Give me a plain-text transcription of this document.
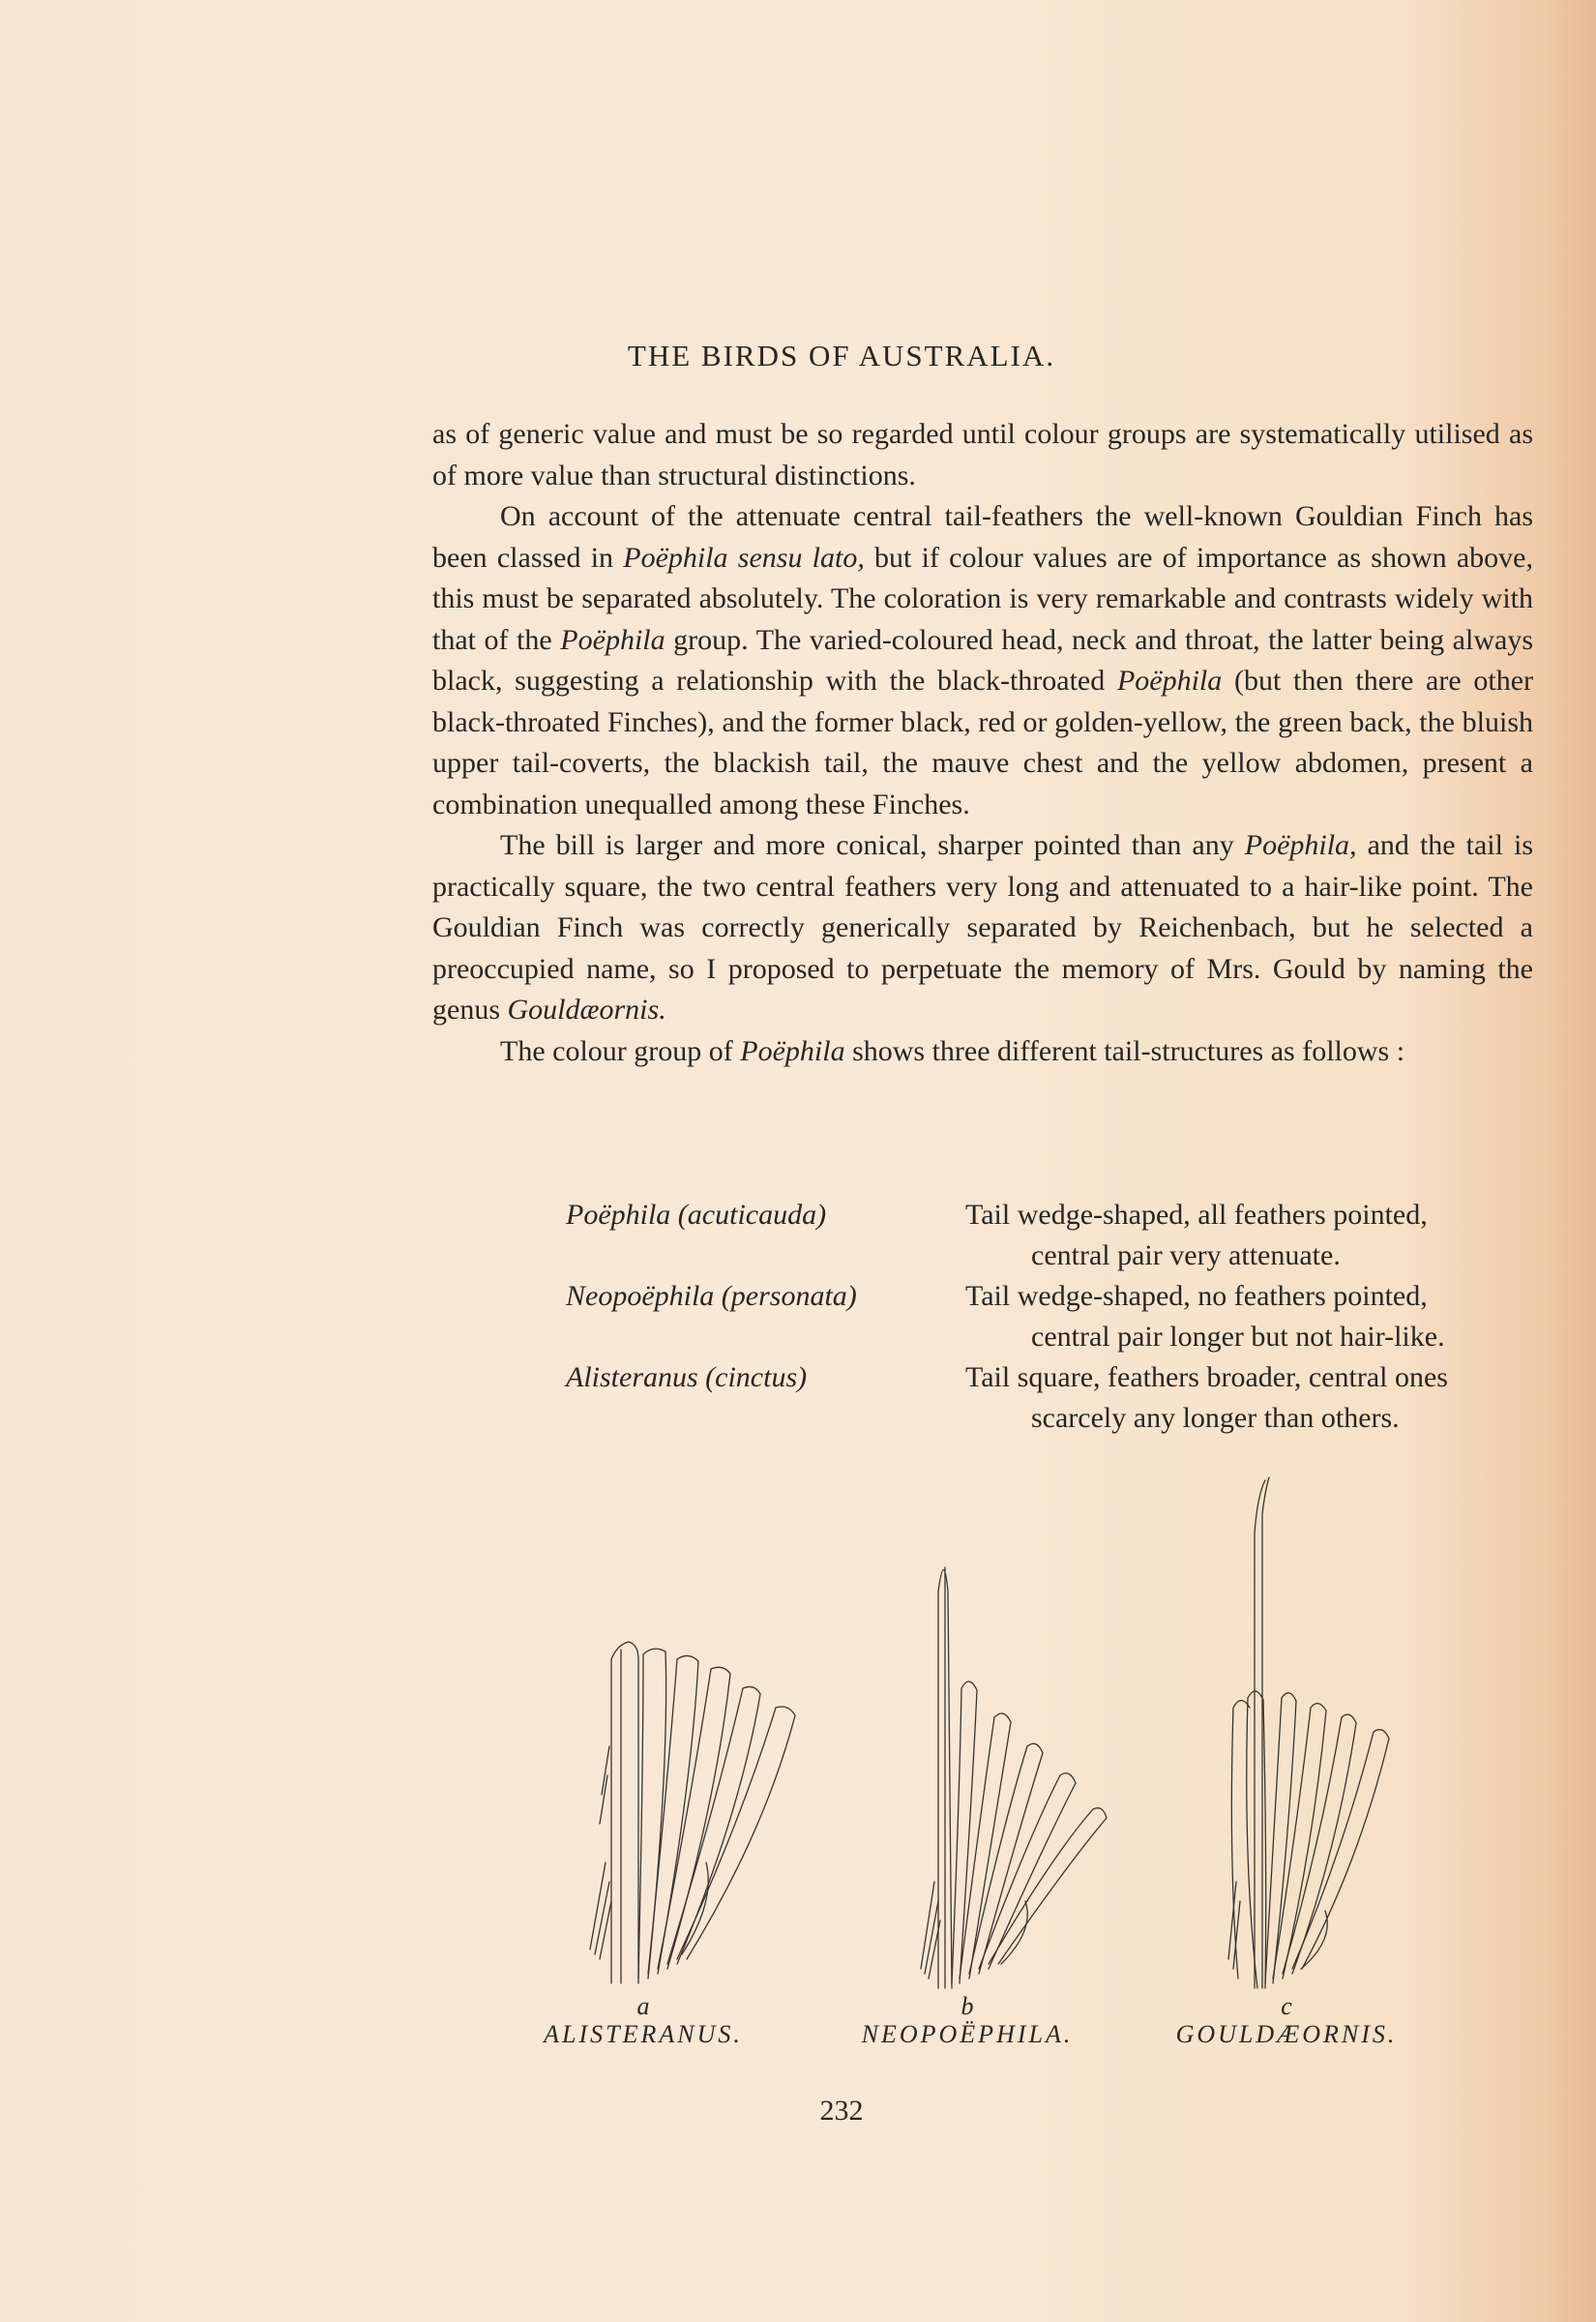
THE BIRDS OF AUSTRALIA.

as of generic value and must be so regarded until colour groups are systematically utilised as of more value than structural distinctions.

On account of the attenuate central tail-feathers the well-known Gouldian Finch has been classed in Poëphila sensu lato, but if colour values are of importance as shown above, this must be separated absolutely. The coloration is very remarkable and contrasts widely with that of the Poëphila group. The varied-coloured head, neck and throat, the latter being always black, suggesting a relationship with the black-throated Poëphila (but then there are other black-throated Finches), and the former black, red or golden-yellow, the green back, the bluish upper tail-coverts, the blackish tail, the mauve chest and the yellow abdomen, present a combination unequalled among these Finches.

The bill is larger and more conical, sharper pointed than any Poëphila, and the tail is practically square, the two central feathers very long and attenuated to a hair-like point. The Gouldian Finch was correctly generically separated by Reichenbach, but he selected a preoccupied name, so I proposed to perpetuate the memory of Mrs. Gould by naming the genus Gouldæornis.

The colour group of Poëphila shows three different tail-structures as follows :

Poëphila (acuticauda)	Tail wedge-shaped, all feathers pointed,
central pair very attenuate.
Neopoëphila (personata)	Tail wedge-shaped, no feathers pointed,
central pair longer but not hair-like.
Alisteranus (cinctus)	Tail square, feathers broader, central ones
scarcely any longer than others.
a
ALISTERANUS.
b
NEOPOËPHILA.
c
GOULDÆORNIS.
232
